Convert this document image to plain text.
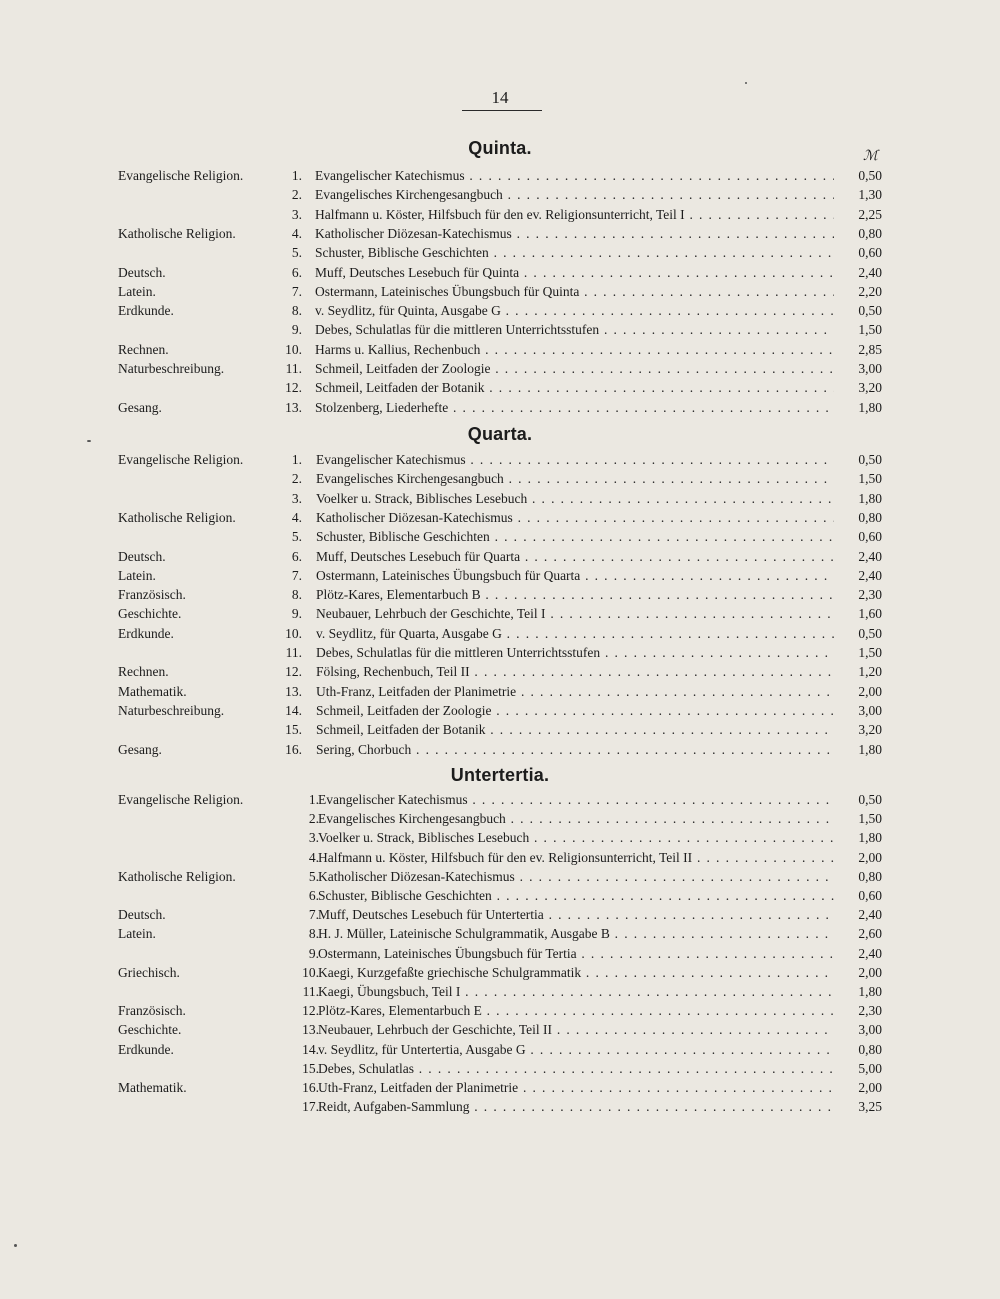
14
Quinta.	ℳ
Evangelische Religion.	1. Evangelischer Katechismus . . .	0,50
2. Evangelisches Kirchengesangbuch . . .	1,30
3. Halfmann u. Köster, Hilfsbuch für den ev. Religionsunterricht, Teil I . . .	2,25
Katholische Religion.	4. Katholischer Diözesan-Katechismus . . .	0,80
5. Schuster, Biblische Geschichten . . .	0,60
Deutsch.	6. Muff, Deutsches Lesebuch für Quinta . . .	2,40
Latein.	7. Ostermann, Lateinisches Übungsbuch für Quinta . . .	2,20
Erdkunde.	8. v. Seydlitz, für Quinta, Ausgabe G . . .	0,50
9. Debes, Schulatlas für die mittleren Unterrichtsstufen . . .	1,50
Rechnen.	10. Harms u. Kallius, Rechenbuch . . .	2,85
Naturbeschreibung.	11. Schmeil, Leitfaden der Zoologie . . .	3,00
12. Schmeil, Leitfaden der Botanik . . .	3,20
Gesang.	13. Stolzenberg, Liederhefte . . .	1,80
Quarta.
Evangelische Religion.	1. Evangelischer Katechismus . . .	0,50
2. Evangelisches Kirchengesangbuch . . .	1,50
3. Voelker u. Strack, Biblisches Lesebuch . . .	1,80
Katholische Religion.	4. Katholischer Diözesan-Katechismus . . .	0,80
5. Schuster, Biblische Geschichten . . .	0,60
Deutsch.	6. Muff, Deutsches Lesebuch für Quarta . . .	2,40
Latein.	7. Ostermann, Lateinisches Übungsbuch für Quarta . . .	2,40
Französisch.	8. Plötz-Kares, Elementarbuch B . . .	2,30
Geschichte.	9. Neubauer, Lehrbuch der Geschichte, Teil I . . .	1,60
Erdkunde.	10. v. Seydlitz, für Quarta, Ausgabe G . . .	0,50
11. Debes, Schulatlas für die mittleren Unterrichtsstufen . . .	1,50
Rechnen.	12. Fölsing, Rechenbuch, Teil II . . .	1,20
Mathematik.	13. Uth-Franz, Leitfaden der Planimetrie . . .	2,00
Naturbeschreibung.	14. Schmeil, Leitfaden der Zoologie . . .	3,00
15. Schmeil, Leitfaden der Botanik . . .	3,20
Gesang.	16. Sering, Chorbuch . . .	1,80
Untertertia.
Evangelische Religion.	1. Evangelischer Katechismus . . .	0,50
2. Evangelisches Kirchengesangbuch . . .	1,50
3. Voelker u. Strack, Biblisches Lesebuch . . .	1,80
4. Halfmann u. Köster, Hilfsbuch für den ev. Religionsunterricht, Teil II . . .	2,00
Katholische Religion.	5. Katholischer Diözesan-Katechismus . . .	0,80
6. Schuster, Biblische Geschichten . . .	0,60
Deutsch.	7. Muff, Deutsches Lesebuch für Untertertia . . .	2,40
Latein.	8. H. J. Müller, Lateinische Schulgrammatik, Ausgabe B . . .	2,60
9. Ostermann, Lateinisches Übungsbuch für Tertia . . .	2,40
Griechisch.	10. Kaegi, Kurzgefaßte griechische Schulgrammatik . . .	2,00
11. Kaegi, Übungsbuch, Teil I . . .	1,80
Französisch.	12. Plötz-Kares, Elementarbuch E . . .	2,30
Geschichte.	13. Neubauer, Lehrbuch der Geschichte, Teil II . . .	3,00
Erdkunde.	14. v. Seydlitz, für Untertertia, Ausgabe G . . .	0,80
15. Debes, Schulatlas . . .	5,00
Mathematik.	16. Uth-Franz, Leitfaden der Planimetrie . . .	2,00
17. Reidt, Aufgaben-Sammlung . . .	3,25
